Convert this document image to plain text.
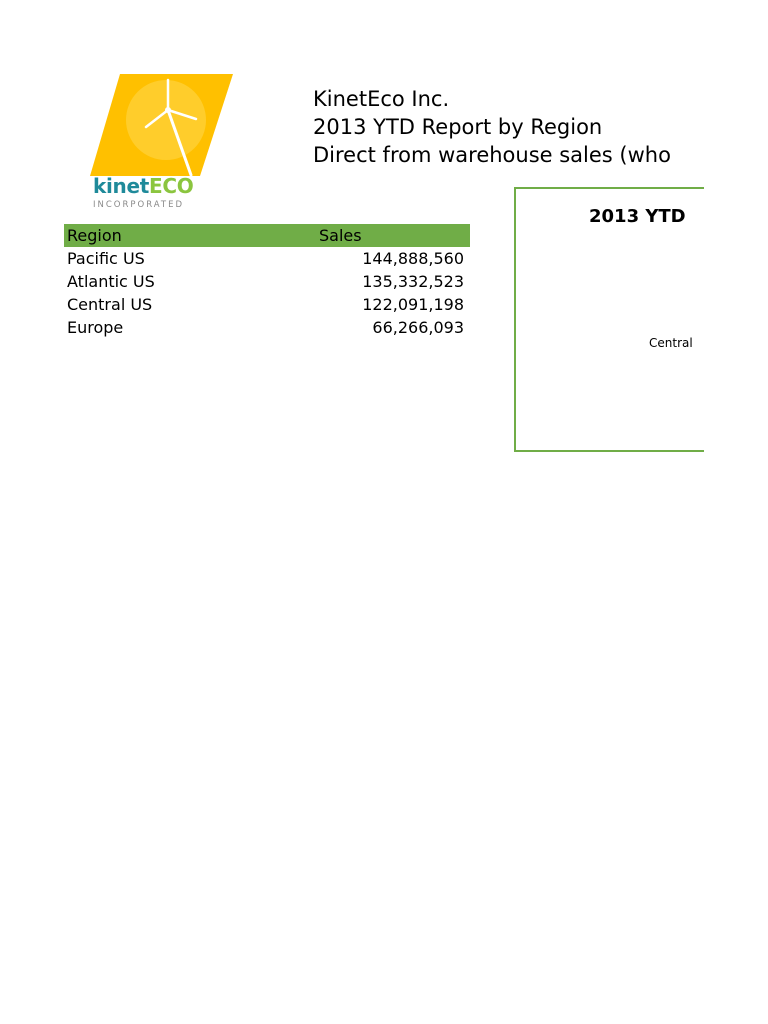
kinetECO
INCORPORATED
KinetEco Inc.
2013 YTD Report by Region
Direct from warehouse sales (who
Region	Sales
Pacific US	144,888,560
Atlantic US	135,332,523
Central US	122,091,198
Europe	66,266,093
2013 YTD
Central
